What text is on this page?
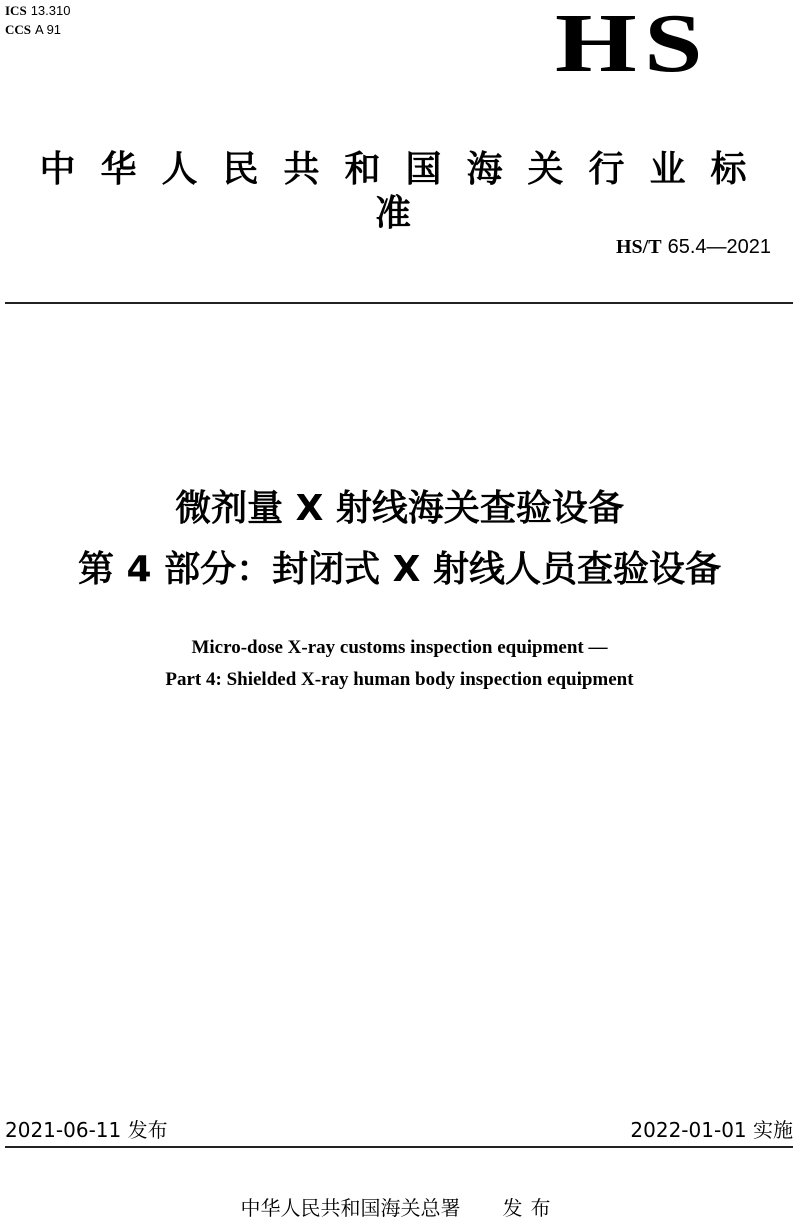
ICS 13.310
CCS A 91	HS
中华人民共和国海关行业标准
HS/T 65.4—2021
微剂量 X 射线海关查验设备
第 4 部分：封闭式 X 射线人员查验设备
Micro-dose X-ray customs inspection equipment —
Part 4: Shielded X-ray human body inspection equipment
2021-06-11 发布	2022-01-01 实施
中华人民共和国海关总署 发布
